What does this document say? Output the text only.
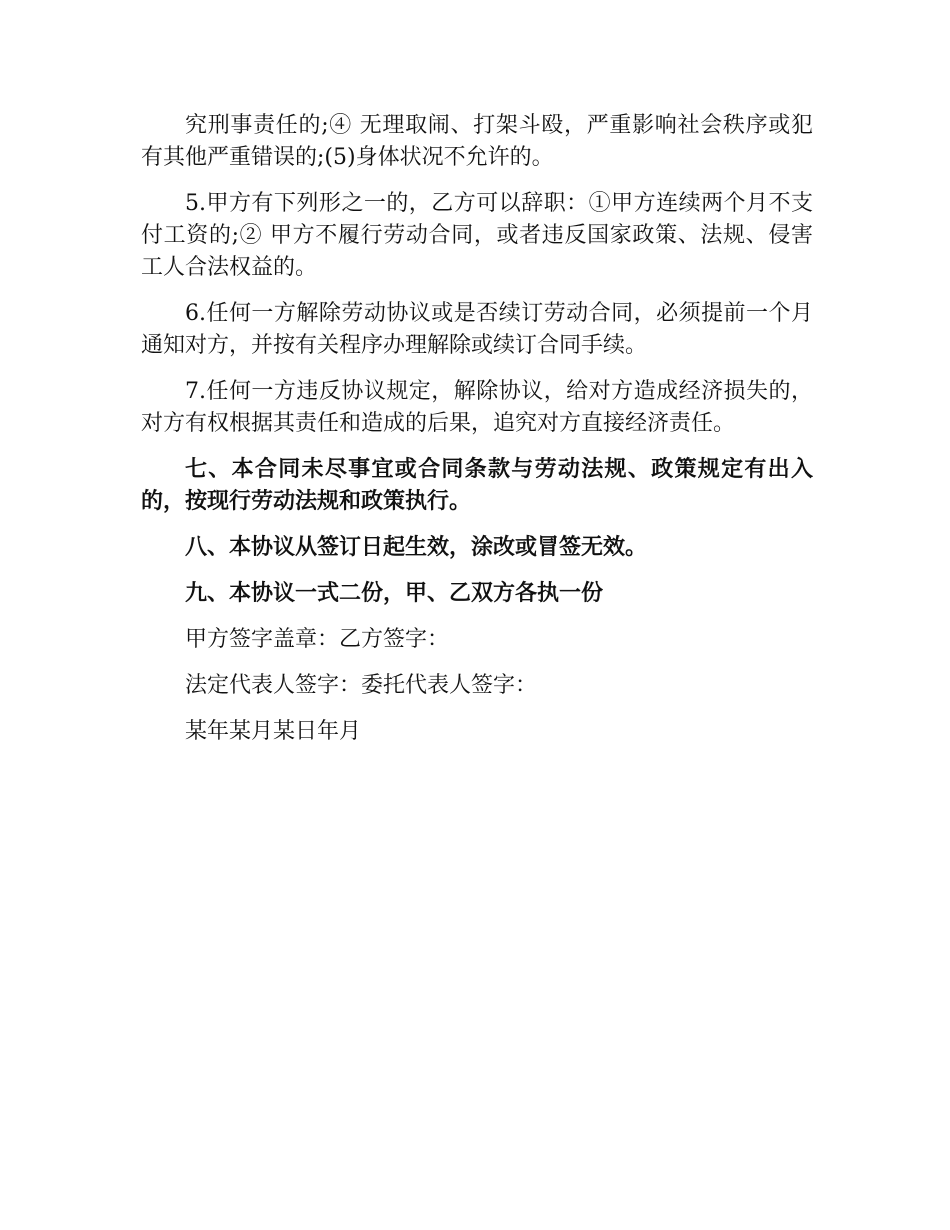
究刑事责任的;④ 无理取闹、打架斗殴，严重影响社会秩序或犯有其他严重错误的;(5)身体状况不允许的。

5.甲方有下列形之一的，乙方可以辞职：①甲方连续两个月不支付工资的;② 甲方不履行劳动合同，或者违反国家政策、法规、侵害工人合法权益的。

6.任何一方解除劳动协议或是否续订劳动合同，必须提前一个月通知对方，并按有关程序办理解除或续订合同手续。

7.任何一方违反协议规定，解除协议，给对方造成经济损失的，对方有权根据其责任和造成的后果，追究对方直接经济责任。

七、本合同未尽事宜或合同条款与劳动法规、政策规定有出入的，按现行劳动法规和政策执行。

八、本协议从签订日起生效，涂改或冒签无效。

九、本协议一式二份，甲、乙双方各执一份

甲方签字盖章：乙方签字：

法定代表人签字：委托代表人签字：

某年某月某日年月
